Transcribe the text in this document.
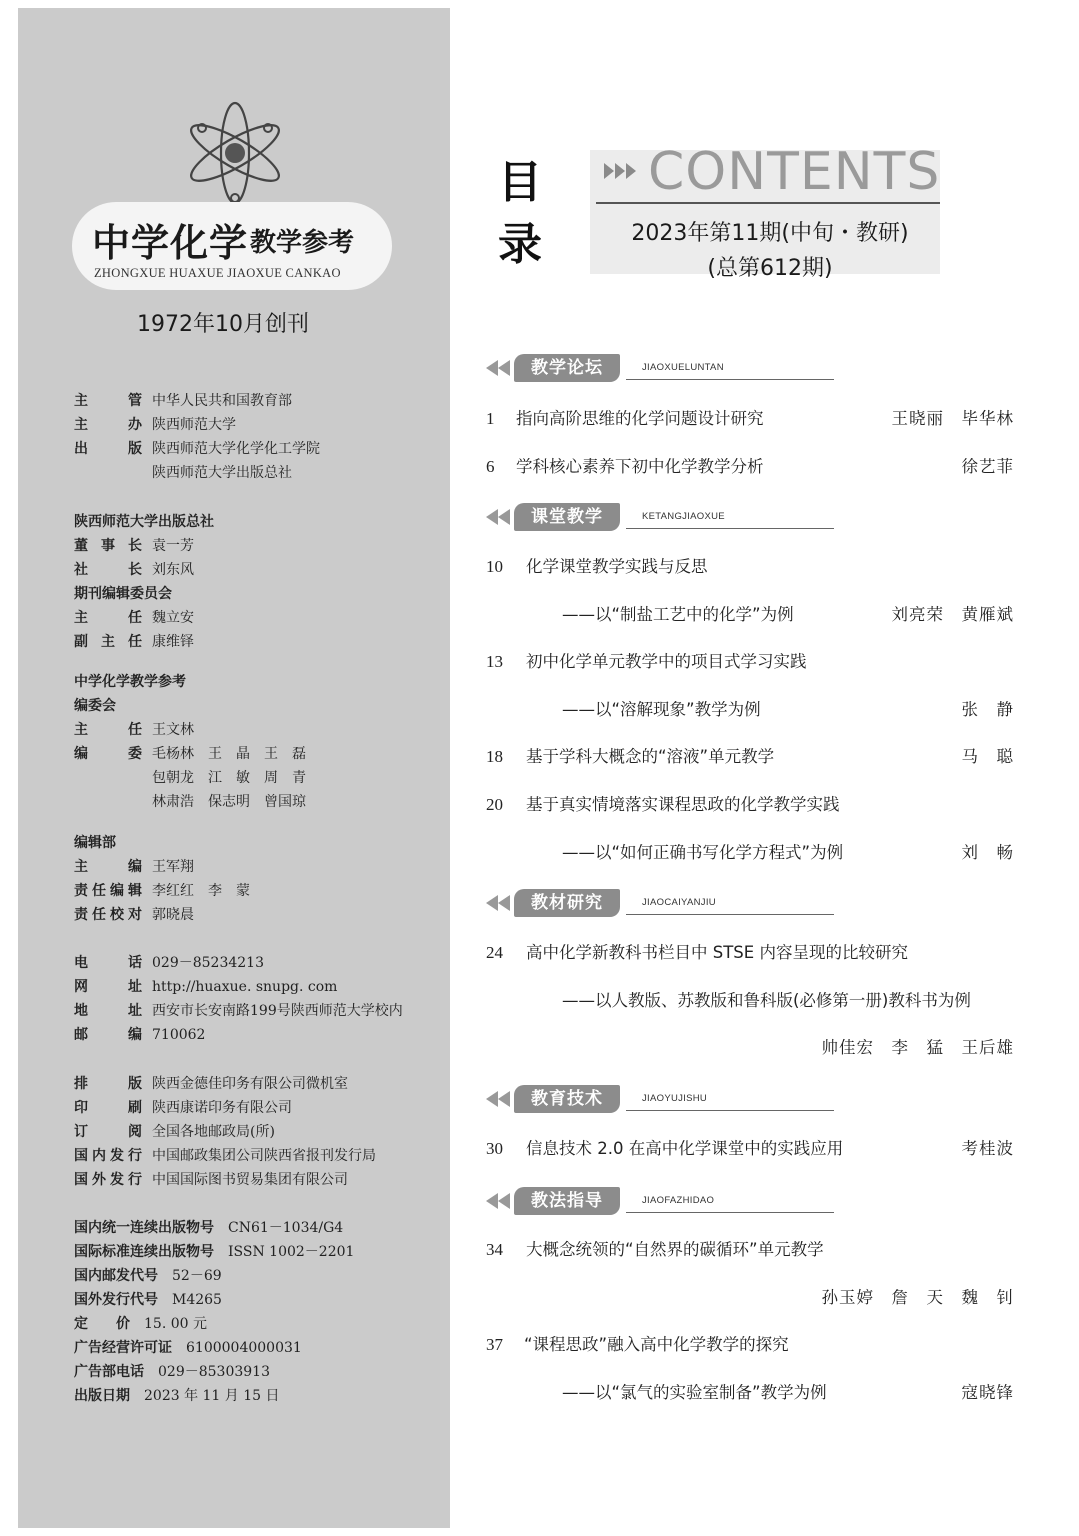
中学化学 教学参考
ZHONGXUE HUAXUE JIAOXUE CANKAO
1972年10月创刊
主　管 中华人民共和国教育部
主　办 陕西师范大学
出　版 陕西师范大学化学化工学院
陕西师范大学出版总社
陕西师范大学出版总社
董事长 袁一芳
社　长 刘东风
期刊编辑委员会
主　任 魏立安
副主任 康维铎
中学化学教学参考
编委会
主　任 王文林
编　委 毛杨林　王　晶　王　磊
包朝龙　江　敏　周　青
林肃浩　保志明　曾国琼
编辑部
主　编 王军翔
责任编辑 李红红　李　蒙
责任校对 郭晓晨
电　话 029－85234213
网　址 http://huaxue. snupg. com
地　址 西安市长安南路199号陕西师范大学校内
邮　编 710062
排　版 陕西金德佳印务有限公司微机室
印　刷 陕西康诺印务有限公司
订　阅 全国各地邮政局(所)
国内发行 中国邮政集团公司陕西省报刊发行局
国外发行 中国国际图书贸易集团有限公司
国内统一连续出版物号	CN61－1034/G4
国际标准连续出版物号	ISSN 1002－2201
国内邮发代号	52－69
国外发行代号	M4265
定　　价	15. 00 元
广告经营许可证	6100004000031
广告部电话	029－85303913
出版日期	2023 年 11 月 15 日
目
录
CONTENTS
2023年第11期(中旬・教研)
(总第612期)
教学论坛	JIAOXUELUNTAN
1 指向高阶思维的化学问题设计研究	王晓丽　毕华林
6 学科核心素养下初中化学教学分析	徐艺菲
课堂教学	KETANGJIAOXUE
10 化学课堂教学实践与反思
——以“制盐工艺中的化学”为例	刘亮荣　黄雁斌
13 初中化学单元教学中的项目式学习实践
——以“溶解现象”教学为例	张　静
18 基于学科大概念的“溶液”单元教学	马　聪
20 基于真实情境落实课程思政的化学教学实践
——以“如何正确书写化学方程式”为例	刘　畅
教材研究	JIAOCAIYANJIU
24 高中化学新教科书栏目中 STSE 内容呈现的比较研究
——以人教版、苏教版和鲁科版(必修第一册)教科书为例
帅佳宏　李　猛　王后雄
教育技术	JIAOYUJISHU
30 信息技术 2.0 在高中化学课堂中的实践应用	考桂波
教法指导	JIAOFAZHIDAO
34 大概念统领的“自然界的碳循环”单元教学
孙玉婷　詹　天　魏　钊
37 “课程思政”融入高中化学教学的探究
——以“氯气的实验室制备”教学为例	寇晓锋
